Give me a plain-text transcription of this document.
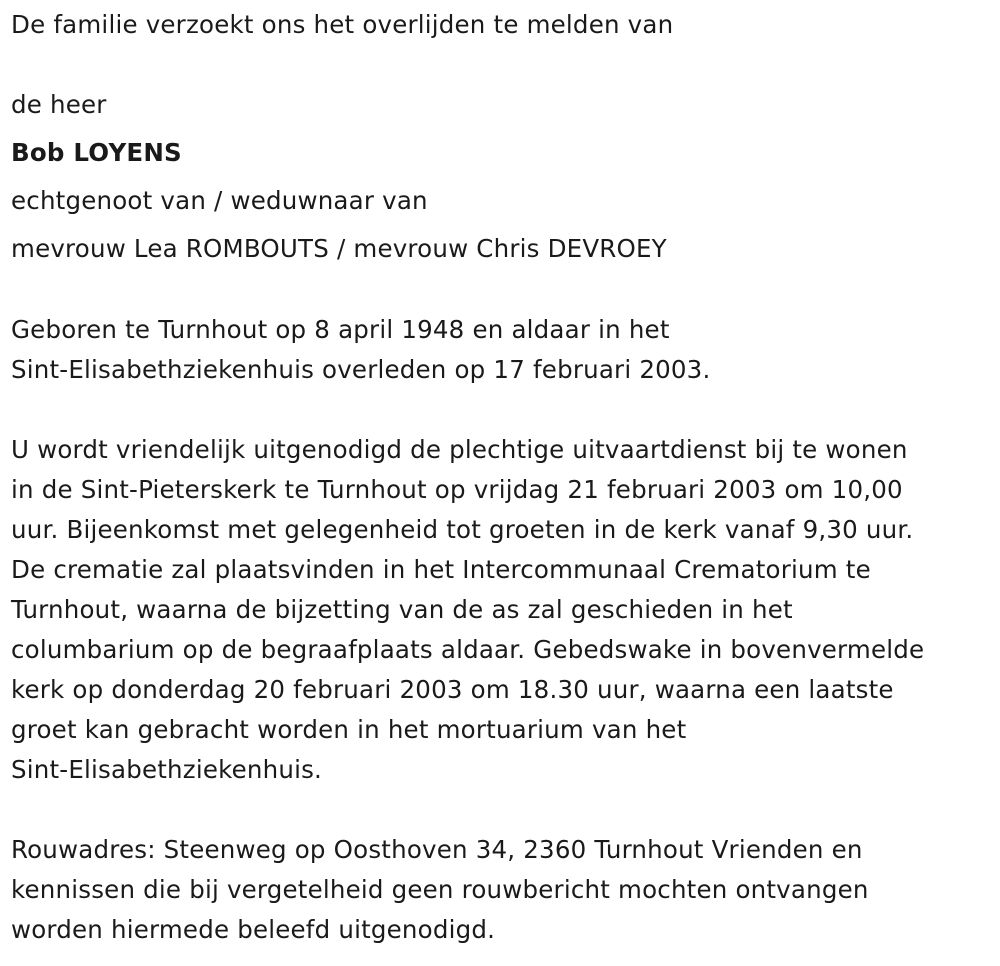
De familie verzoekt ons het overlijden te melden van
de heer
Bob LOYENS
echtgenoot van / weduwnaar van
mevrouw Lea ROMBOUTS / mevrouw Chris DEVROEY
Geboren te Turnhout op 8 april 1948 en aldaar in het
Sint-Elisabethziekenhuis overleden op 17 februari 2003.
U wordt vriendelijk uitgenodigd de plechtige uitvaartdienst bij te wonen
in de Sint-Pieterskerk te Turnhout op vrijdag 21 februari 2003 om 10,00
uur. Bijeenkomst met gelegenheid tot groeten in de kerk vanaf 9,30 uur.
De crematie zal plaatsvinden in het Intercommunaal Crematorium te
Turnhout, waarna de bijzetting van de as zal geschieden in het
columbarium op de begraafplaats aldaar. Gebedswake in bovenvermelde
kerk op donderdag 20 februari 2003 om 18.30 uur, waarna een laatste
groet kan gebracht worden in het mortuarium van het
Sint-Elisabethziekenhuis.
Rouwadres: Steenweg op Oosthoven 34, 2360 Turnhout Vrienden en
kennissen die bij vergetelheid geen rouwbericht mochten ontvangen
worden hiermede beleefd uitgenodigd.
